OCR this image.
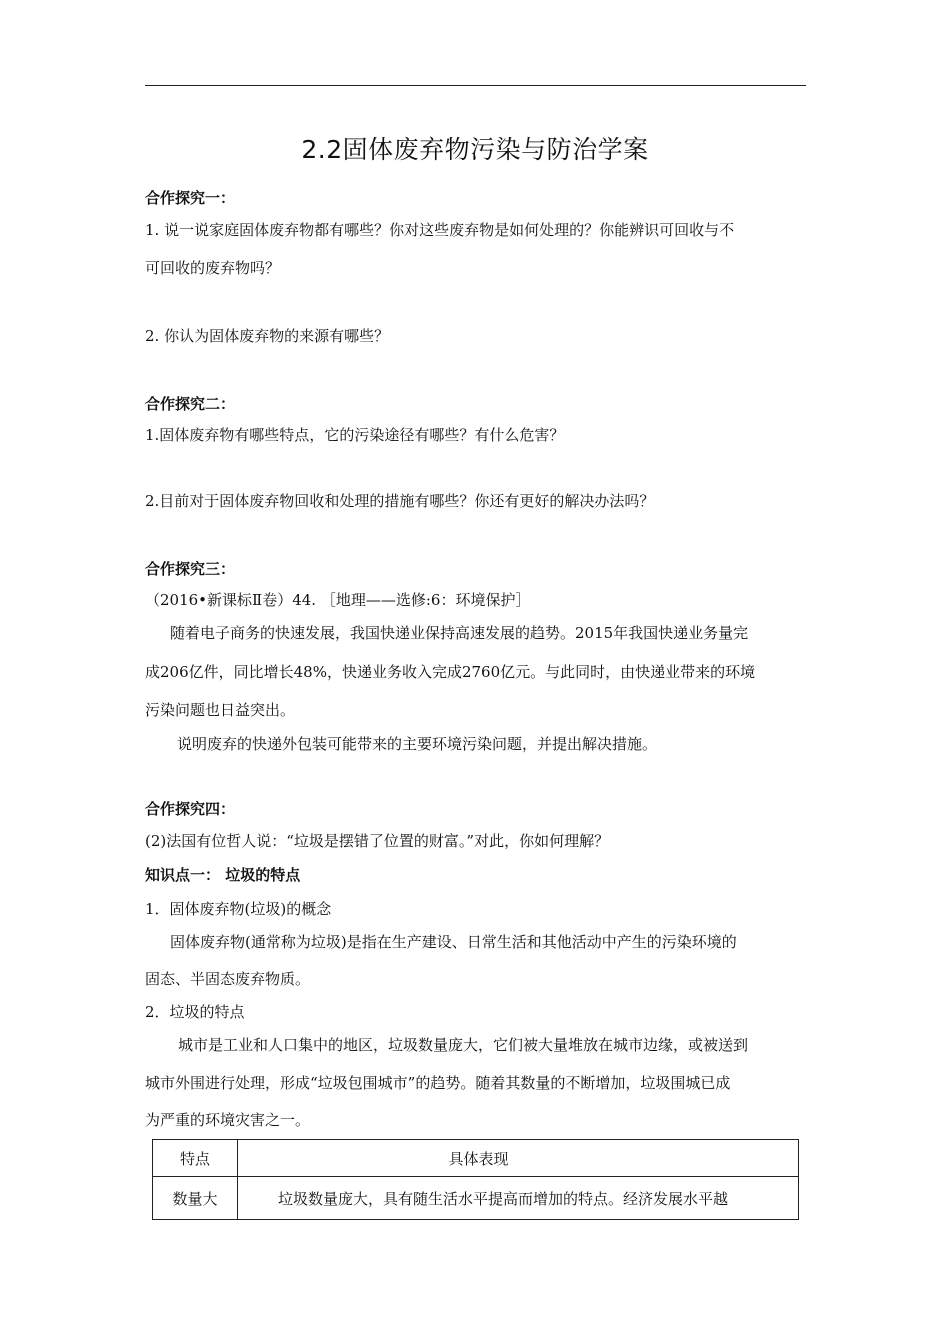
2.2固体废弃物污染与防治学案
合作探究一：
1. 说一说家庭固体废弃物都有哪些？你对这些废弃物是如何处理的？你能辨识可回收与不
可回收的废弃物吗？
2. 你认为固体废弃物的来源有哪些？
合作探究二：
1.固体废弃物有哪些特点，它的污染途径有哪些？有什么危害？
2.目前对于固体废弃物回收和处理的措施有哪些？你还有更好的解决办法吗？
合作探究三：
（2016•新课标Ⅱ卷）44. ［地理——选修:6：环境保护］
随着电子商务的快速发展，我国快递业保持高速发展的趋势。2015年我国快递业务量完
成206亿件，同比增长48%，快递业务收入完成2760亿元。与此同时，由快递业带来的环境
污染问题也日益突出。
说明废弃的快递外包装可能带来的主要环境污染问题，并提出解决措施。
合作探究四：
(2)法国有位哲人说：“垃圾是摆错了位置的财富。”对此，你如何理解？
知识点一： 垃圾的特点
1．固体废弃物(垃圾)的概念
固体废弃物(通常称为垃圾)是指在生产建设、日常生活和其他活动中产生的污染环境的
固态、半固态废弃物质。
2．垃圾的特点
城市是工业和人口集中的地区，垃圾数量庞大，它们被大量堆放在城市边缘，或被送到
城市外围进行处理，形成“垃圾包围城市”的趋势。随着其数量的不断增加，垃圾围城已成
为严重的环境灾害之一。
特点	具体表现
数量大	垃圾数量庞大，具有随生活水平提高而增加的特点。经济发展水平越
